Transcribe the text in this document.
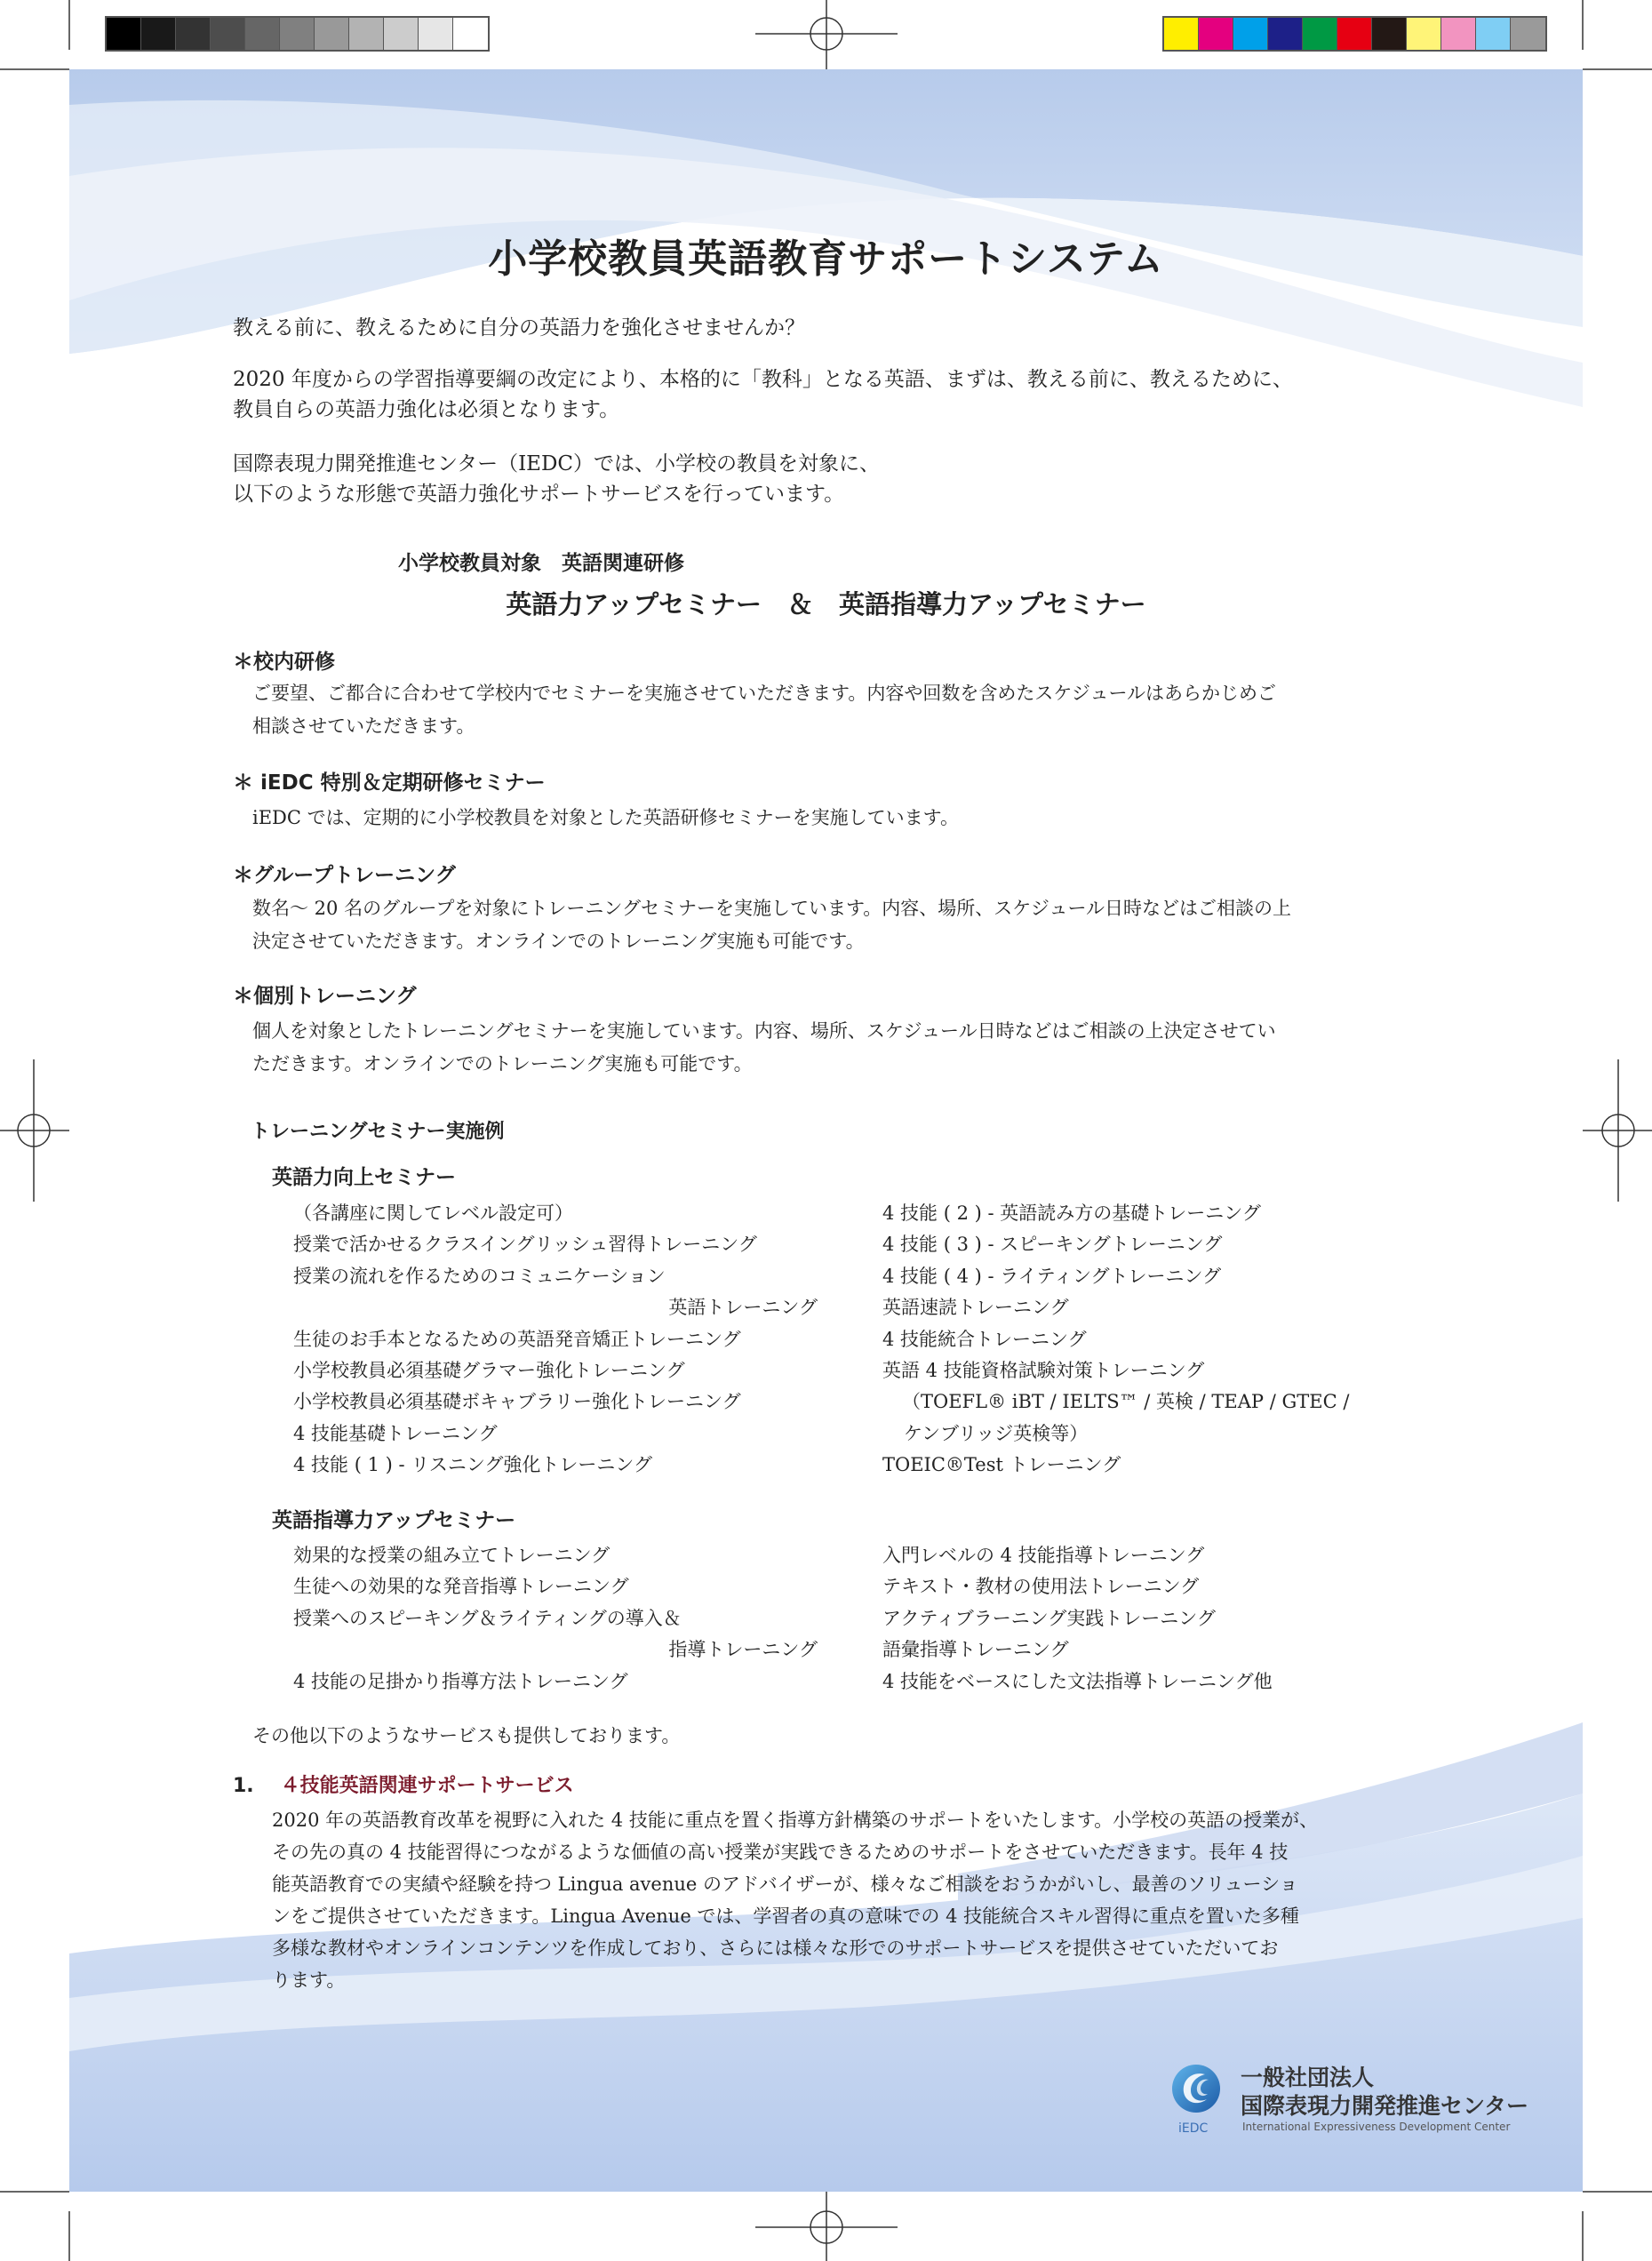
小学校教員英語教育サポートシステム
教える前に、教えるために自分の英語力を強化させませんか？
2020 年度からの学習指導要綱の改定により、本格的に「教科」となる英語、まずは、教える前に、教えるために、
教員自らの英語力強化は必須となります。
国際表現力開発推進センター（IEDC）では、小学校の教員を対象に、
以下のような形態で英語力強化サポートサービスを行っています。
小学校教員対象　英語関連研修
英語力アップセミナー　＆　英語指導力アップセミナー
＊校内研修
ご要望、ご都合に合わせて学校内でセミナーを実施させていただきます。内容や回数を含めたスケジュールはあらかじめご
相談させていただきます。
＊ iEDC 特別＆定期研修セミナー
iEDC では、定期的に小学校教員を対象とした英語研修セミナーを実施しています。
＊グループトレーニング
数名～ 20 名のグループを対象にトレーニングセミナーを実施しています。内容、場所、スケジュール日時などはご相談の上
決定させていただきます。オンラインでのトレーニング実施も可能です。
＊個別トレーニング
個人を対象としたトレーニングセミナーを実施しています。内容、場所、スケジュール日時などはご相談の上決定させてい
ただきます。オンラインでのトレーニング実施も可能です。
トレーニングセミナー実施例
英語力向上セミナー
（各講座に関してレベル設定可）
授業で活かせるクラスイングリッシュ習得トレーニング
授業の流れを作るためのコミュニケーション
英語トレーニング
生徒のお手本となるための英語発音矯正トレーニング
小学校教員必須基礎グラマー強化トレーニング
小学校教員必須基礎ボキャブラリー強化トレーニング
4 技能基礎トレーニング
4 技能 ( 1 ) - リスニング強化トレーニング
4 技能 ( 2 ) - 英語読み方の基礎トレーニング
4 技能 ( 3 ) - スピーキングトレーニング
4 技能 ( 4 ) - ライティングトレーニング
英語速読トレーニング
4 技能統合トレーニング
英語 4 技能資格試験対策トレーニング
（TOEFL® iBT / IELTS™ / 英検 / TEAP / GTEC /
ケンブリッジ英検等）
TOEIC®Test トレーニング
英語指導力アップセミナー
効果的な授業の組み立てトレーニング
生徒への効果的な発音指導トレーニング
授業へのスピーキング＆ライティングの導入＆
指導トレーニング
4 技能の足掛かり指導方法トレーニング
入門レベルの 4 技能指導トレーニング
テキスト・教材の使用法トレーニング
アクティブラーニング実践トレーニング
語彙指導トレーニング
4 技能をベースにした文法指導トレーニング他
その他以下のようなサービスも提供しております。
1. ４技能英語関連サポートサービス
2020 年の英語教育改革を視野に入れた 4 技能に重点を置く指導方針構築のサポートをいたします。小学校の英語の授業が、
その先の真の 4 技能習得につながるような価値の高い授業が実践できるためのサポートをさせていただきます。長年 4 技
能英語教育での実績や経験を持つ Lingua avenue のアドバイザーが、様々なご相談をおうかがいし、最善のソリューショ
ンをご提供させていただきます。Lingua Avenue では、学習者の真の意味での 4 技能統合スキル習得に重点を置いた多種
多様な教材やオンラインコンテンツを作成しており、さらには様々な形でのサポートサービスを提供させていただいてお
ります。
iEDC
一般社団法人
国際表現力開発推進センター
International Expressiveness Development Center
